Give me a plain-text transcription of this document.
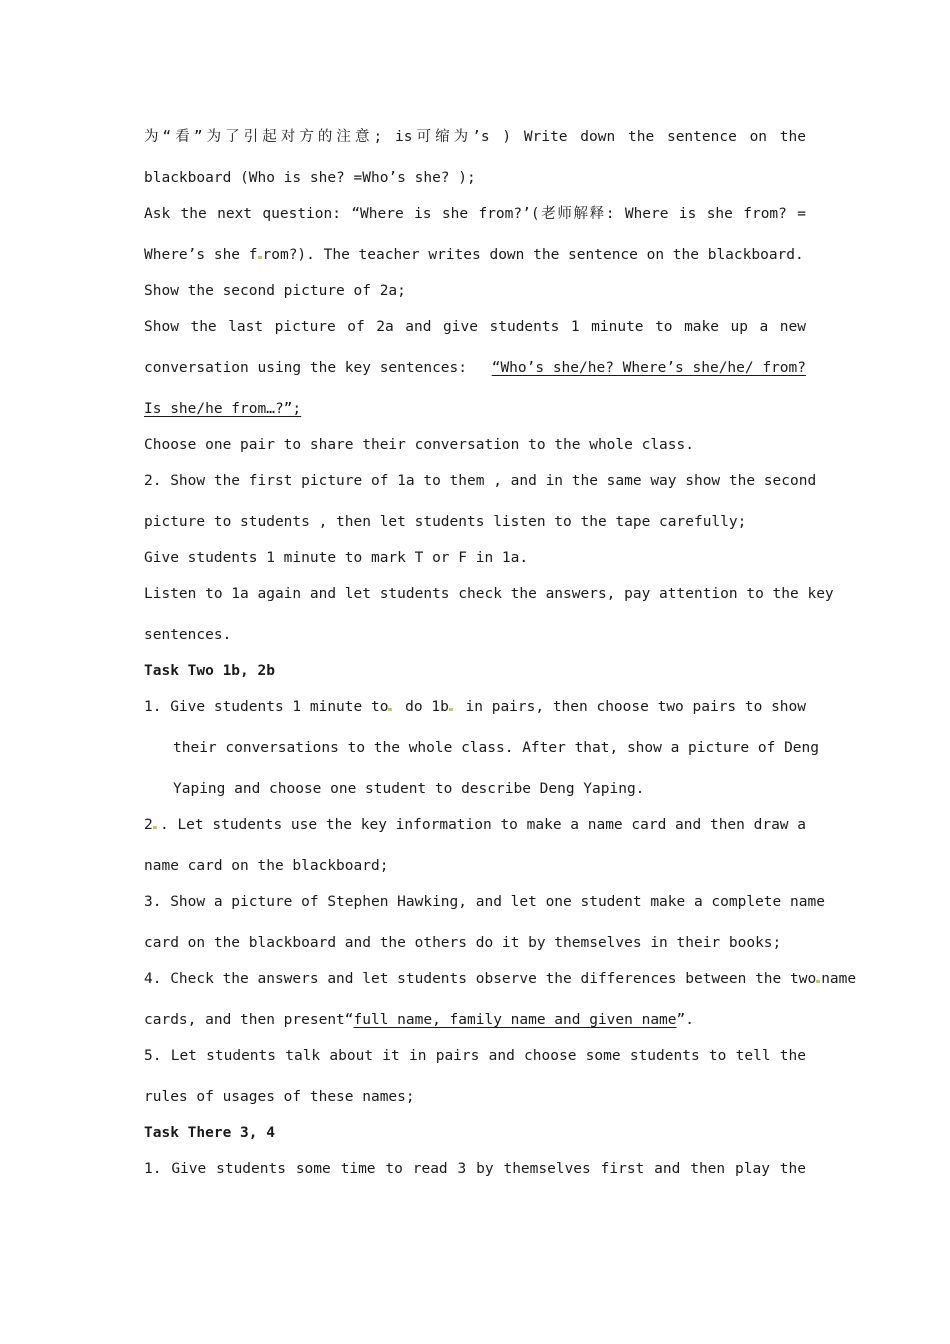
为“看”为了引起对方的注意; is可缩为’s ) Write down the sentence on the
blackboard (Who is she? =Who’s she? );
Ask the next question: “Where is she from?’(老师解释: Where is she from? =
Where’s she f rom?). The teacher writes down the sentence on the blackboard.
Show the second picture of 2a;
Show the last picture of 2a and give students 1 minute to make up a new
conversation using the key sentences: “Who’s she/he? Where’s she/he/ from?
Is she/he from…?”;
Choose one pair to share their conversation to the whole class.
2. Show the first picture of 1a to them , and in the same way show the second
picture to students , then let students listen to the tape carefully;
Give students 1 minute to mark T or F in 1a.
Listen to 1a again and let students check the answers, pay attention to the key
sentences.
Task Two 1b, 2b
1. Give students 1 minute to	do 1b	in pairs, then choose two pairs to show
their conversations to the whole class. After that, show a picture of Deng
Yaping and choose one student to describe Deng Yaping.
2 . Let students use the key information to make a name card and then draw a
name card on the blackboard;
3. Show a picture of Stephen Hawking, and let one student make a complete name
card on the blackboard and the others do it by themselves in their books;
4. Check the answers and let students observe the differences between the two name
cards, and then present“full name, family name and given name”.
5. Let students talk about it in pairs and choose some students to tell the
rules of usages of these names;
Task There 3, 4
1. Give students some time to read 3 by themselves first and then play the
